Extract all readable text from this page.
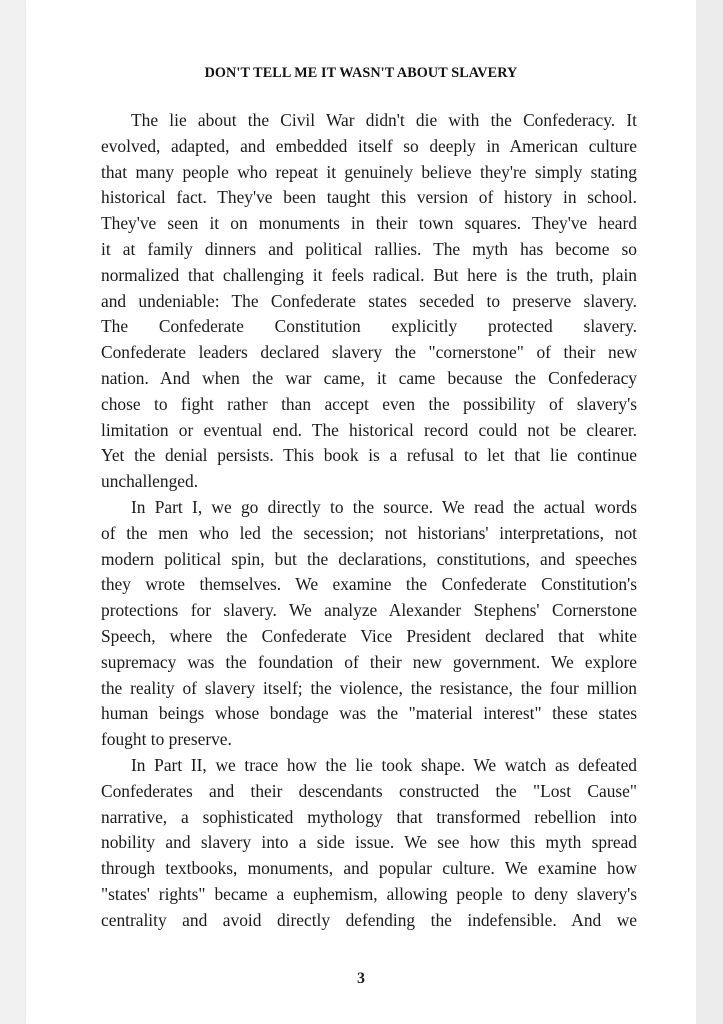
DON'T TELL ME IT WASN'T ABOUT SLAVERY
The lie about the Civil War didn't die with the Confederacy. It
evolved, adapted, and embedded itself so deeply in American culture
that many people who repeat it genuinely believe they're simply stating
historical fact. They've been taught this version of history in school.
They've seen it on monuments in their town squares. They've heard
it at family dinners and political rallies. The myth has become so
normalized that challenging it feels radical. But here is the truth, plain
and undeniable: The Confederate states seceded to preserve slavery.
The Confederate Constitution explicitly protected slavery.
Confederate leaders declared slavery the "cornerstone" of their new
nation. And when the war came, it came because the Confederacy
chose to fight rather than accept even the possibility of slavery's
limitation or eventual end. The historical record could not be clearer.
Yet the denial persists. This book is a refusal to let that lie continue
unchallenged.
In Part I, we go directly to the source. We read the actual words
of the men who led the secession; not historians' interpretations, not
modern political spin, but the declarations, constitutions, and speeches
they wrote themselves. We examine the Confederate Constitution's
protections for slavery. We analyze Alexander Stephens' Cornerstone
Speech, where the Confederate Vice President declared that white
supremacy was the foundation of their new government. We explore
the reality of slavery itself; the violence, the resistance, the four million
human beings whose bondage was the "material interest" these states
fought to preserve.
In Part II, we trace how the lie took shape. We watch as defeated
Confederates and their descendants constructed the "Lost Cause"
narrative, a sophisticated mythology that transformed rebellion into
nobility and slavery into a side issue. We see how this myth spread
through textbooks, monuments, and popular culture. We examine how
"states' rights" became a euphemism, allowing people to deny slavery's
centrality and avoid directly defending the indefensible. And we
3
